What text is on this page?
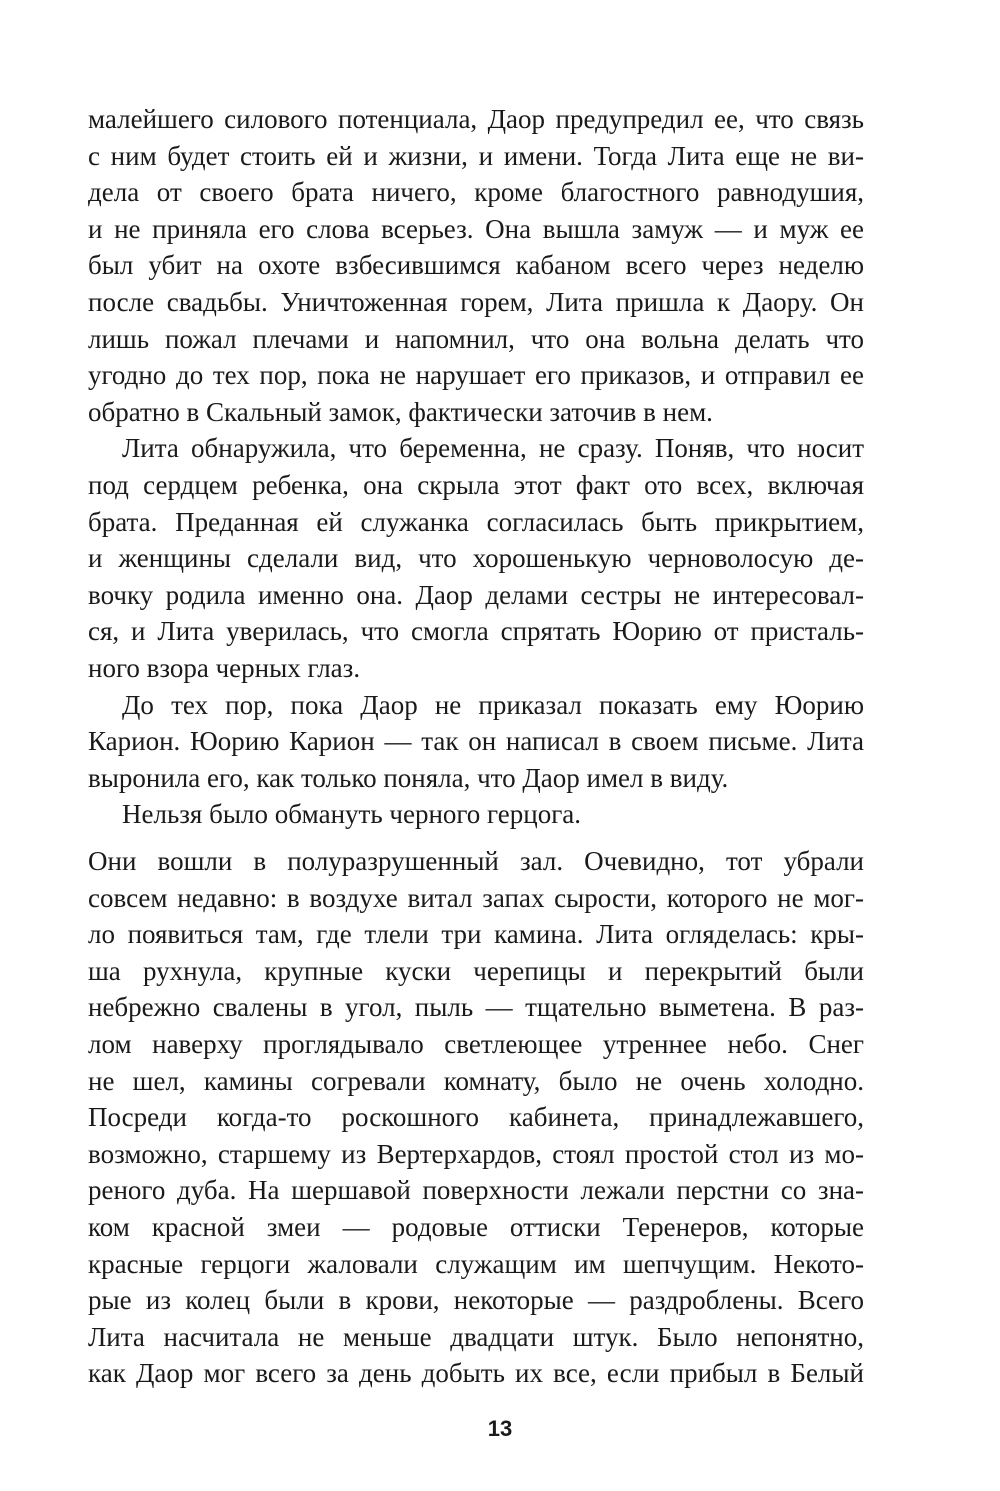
малейшего силового потенциала, Даор предупредил ее, что связь
с ним будет стоить ей и жизни, и имени. Тогда Лита еще не ви-
дела от своего брата ничего, кроме благостного равнодушия,
и не приняла его слова всерьез. Она вышла замуж — и муж ее
был убит на охоте взбесившимся кабаном всего через неделю
после свадьбы. Уничтоженная горем, Лита пришла к Даору. Он
лишь пожал плечами и напомнил, что она вольна делать что
угодно до тех пор, пока не нарушает его приказов, и отправил ее
обратно в Скальный замок, фактически заточив в нем.
Лита обнаружила, что беременна, не сразу. Поняв, что носит
под сердцем ребенка, она скрыла этот факт ото всех, включая
брата. Преданная ей служанка согласилась быть прикрытием,
и женщины сделали вид, что хорошенькую черноволосую де-
вочку родила именно она. Даор делами сестры не интересовал-
ся, и Лита уверилась, что смогла спрятать Юорию от присталь-
ного взора черных глаз.
До тех пор, пока Даор не приказал показать ему Юорию
Карион. Юорию Карион — так он написал в своем письме. Лита
выронила его, как только поняла, что Даор имел в виду.
Нельзя было обмануть черного герцога.
Они вошли в полуразрушенный зал. Очевидно, тот убрали
совсем недавно: в воздухе витал запах сырости, которого не мог-
ло появиться там, где тлели три камина. Лита огляделась: кры-
ша рухнула, крупные куски черепицы и перекрытий были
небрежно свалены в угол, пыль — тщательно выметена. В раз-
лом наверху проглядывало светлеющее утреннее небо. Снег
не шел, камины согревали комнату, было не очень холодно.
Посреди когда-то роскошного кабинета, принадлежавшего,
возможно, старшему из Вертерхардов, стоял простой стол из мо-
реного дуба. На шершавой поверхности лежали перстни со зна-
ком красной змеи — родовые оттиски Теренеров, которые
красные герцоги жаловали служащим им шепчущим. Некото-
рые из колец были в крови, некоторые — раздроблены. Всего
Лита насчитала не меньше двадцати штук. Было непонятно,
как Даор мог всего за день добыть их все, если прибыл в Белый
13
